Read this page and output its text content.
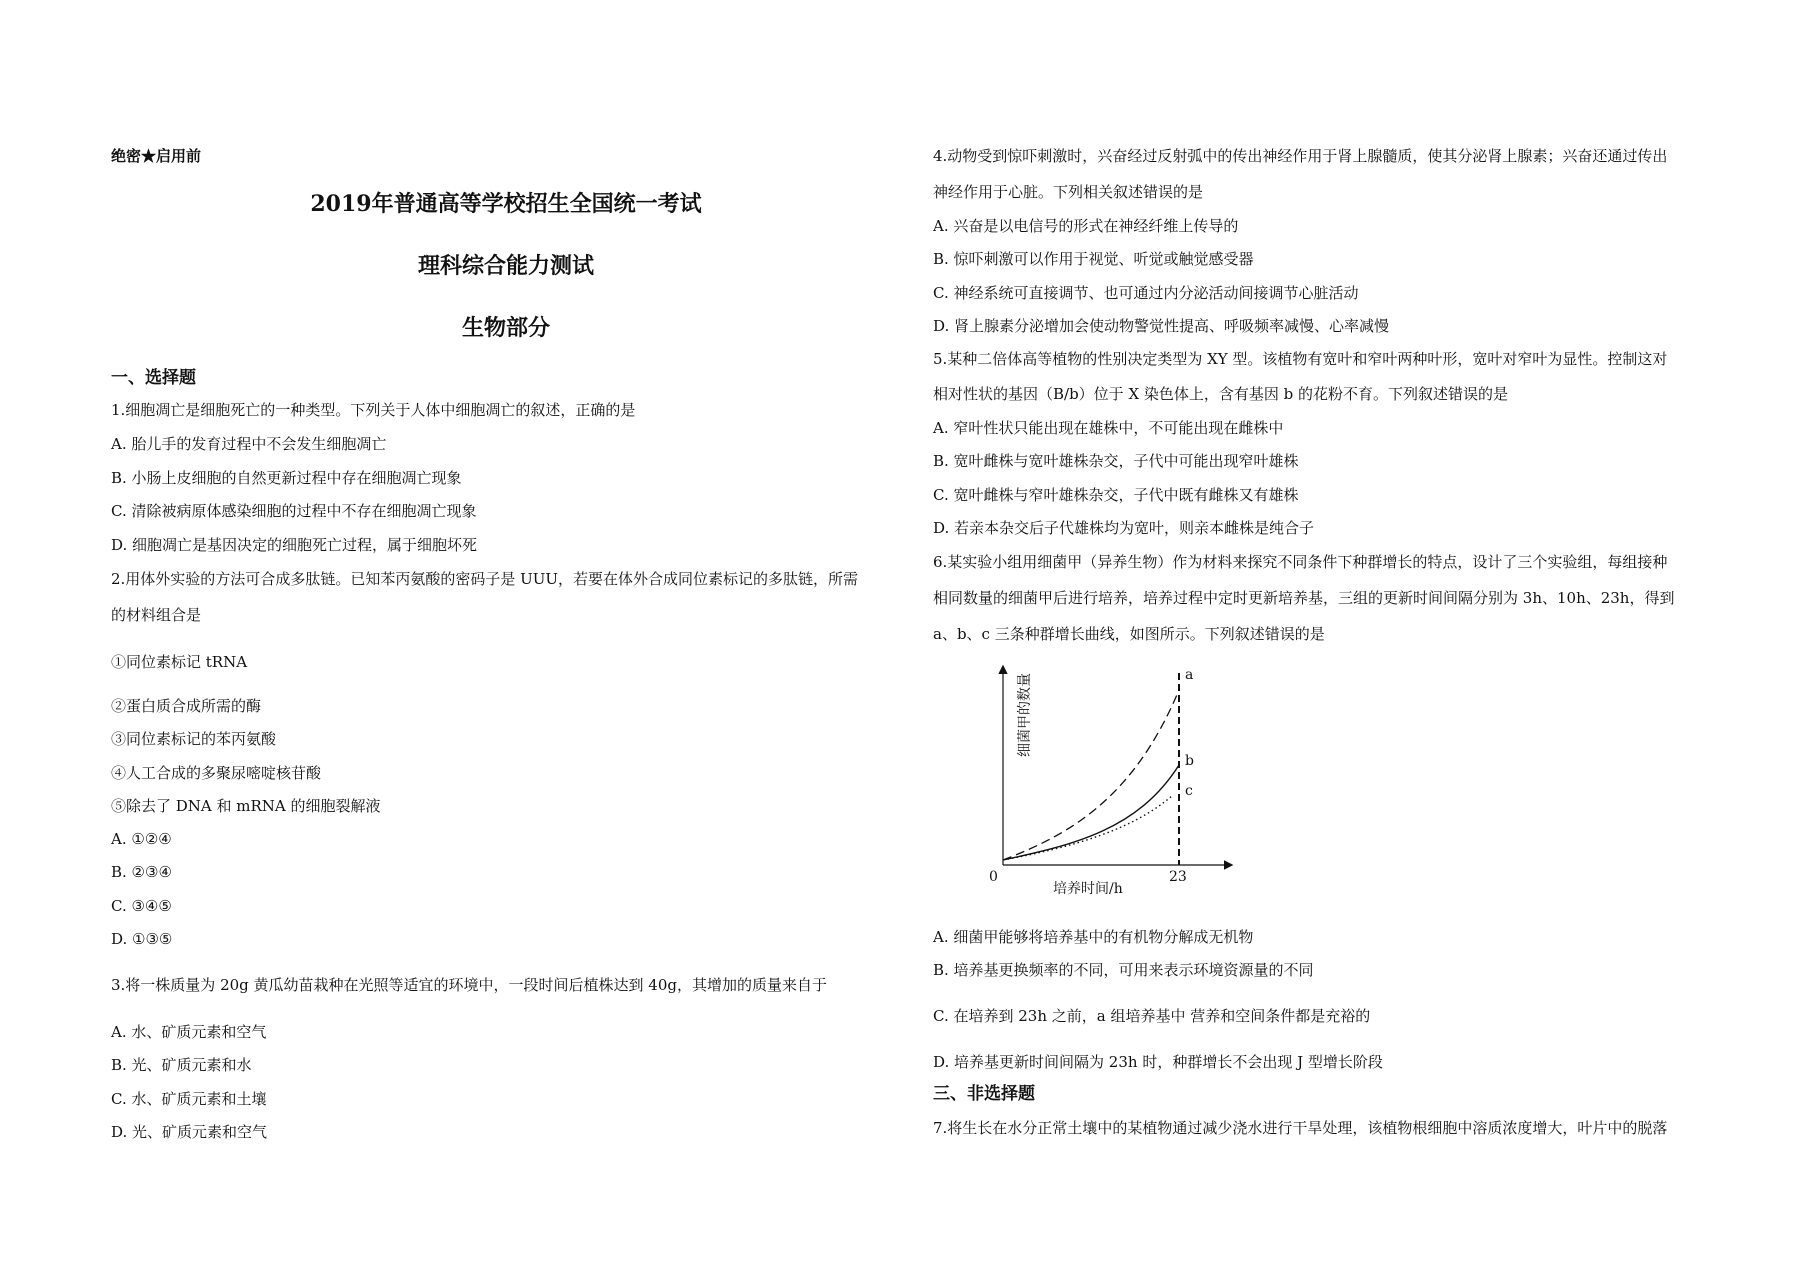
绝密★启用前
2019年普通高等学校招生全国统一考试
理科综合能力测试
生物部分
一、选择题
1.细胞凋亡是细胞死亡的一种类型。下列关于人体中细胞凋亡的叙述，正确的是
A. 胎儿手的发育过程中不会发生细胞凋亡
B. 小肠上皮细胞的自然更新过程中存在细胞凋亡现象
C. 清除被病原体感染细胞的过程中不存在细胞凋亡现象
D. 细胞凋亡是基因决定的细胞死亡过程，属于细胞坏死
2.用体外实验的方法可合成多肽链。已知苯丙氨酸的密码子是 UUU，若要在体外合成同位素标记的多肽链，所需
的材料组合是
①同位素标记 tRNA
②蛋白质合成所需的酶
③同位素标记的苯丙氨酸
④人工合成的多聚尿嘧啶核苷酸
⑤除去了 DNA 和 mRNA 的细胞裂解液
A. ①②④
B. ②③④
C. ③④⑤
D. ①③⑤
3.将一株质量为 20g 黄瓜幼苗栽种在光照等适宜的环境中，一段时间后植株达到 40g，其增加的质量来自于
A. 水、矿质元素和空气
B. 光、矿质元素和水
C. 水、矿质元素和土壤
D. 光、矿质元素和空气
4.动物受到惊吓刺激时，兴奋经过反射弧中的传出神经作用于肾上腺髓质，使其分泌肾上腺素；兴奋还通过传出
神经作用于心脏。下列相关叙述错误的是
A. 兴奋是以电信号的形式在神经纤维上传导的
B. 惊吓刺激可以作用于视觉、听觉或触觉感受器
C. 神经系统可直接调节、也可通过内分泌活动间接调节心脏活动
D. 肾上腺素分泌增加会使动物警觉性提高、呼吸频率减慢、心率减慢
5.某种二倍体高等植物的性别决定类型为 XY 型。该植物有宽叶和窄叶两种叶形，宽叶对窄叶为显性。控制这对
相对性状的基因（B/b）位于 X 染色体上，含有基因 b 的花粉不育。下列叙述错误的是
A. 窄叶性状只能出现在雄株中，不可能出现在雌株中
B. 宽叶雌株与宽叶雄株杂交，子代中可能出现窄叶雄株
C. 宽叶雌株与窄叶雄株杂交，子代中既有雌株又有雄株
D. 若亲本杂交后子代雄株均为宽叶，则亲本雌株是纯合子
6.某实验小组用细菌甲（异养生物）作为材料来探究不同条件下种群增长的特点，设计了三个实验组，每组接种
相同数量的细菌甲后进行培养，培养过程中定时更新培养基，三组的更新时间间隔分别为 3h、10h、23h，得到
a、b、c 三条种群增长曲线，如图所示。下列叙述错误的是
细菌甲的数量
培养时间/h
0	23
a
b
c
A. 细菌甲能够将培养基中的有机物分解成无机物
B. 培养基更换频率的不同，可用来表示环境资源量的不同
C. 在培养到 23h 之前，a 组培养基中 营养和空间条件都是充裕的
D. 培养基更新时间间隔为 23h 时，种群增长不会出现 J 型增长阶段
三、非选择题
7.将生长在水分正常土壤中的某植物通过减少浇水进行干旱处理，该植物根细胞中溶质浓度增大，叶片中的脱落
